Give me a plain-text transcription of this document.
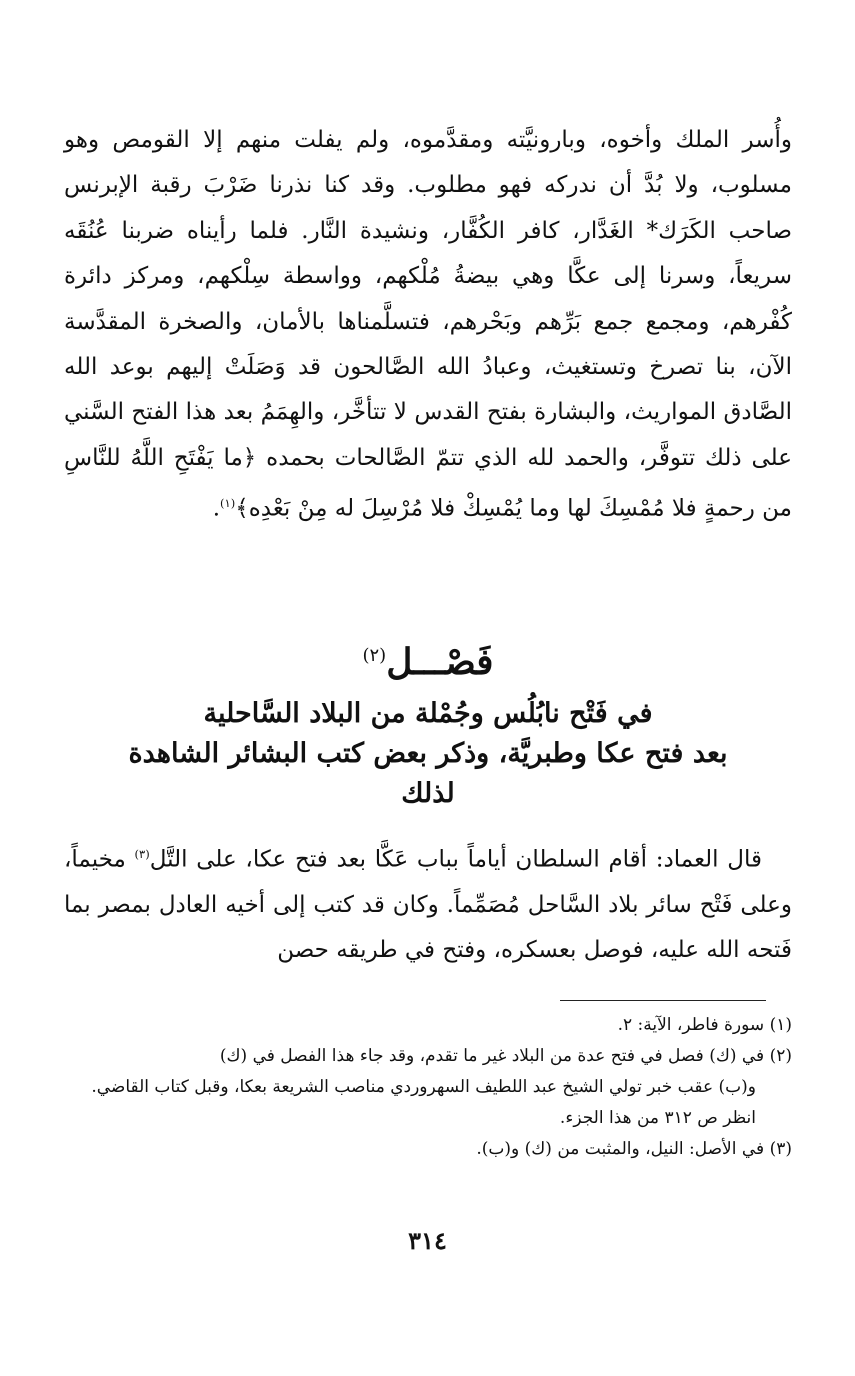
وأُسر الملك وأخوه، وبارونيَّته ومقدَّموه، ولم يفلت منهم إلا القومص وهو مسلوب، ولا بُدَّ أن ندركه فهو مطلوب. وقد كنا نذرنا ضَرْبَ رقبة الإبرنس صاحب الكَرَك* الغَدَّار، كافر الكُفَّار، ونشيدة النَّار. فلما رأيناه ضربنا عُنُقَه سريعاً، وسرنا إلى عكَّا وهي بيضةُ مُلْكهم، وواسطة سِلْكهم، ومركز دائرة كُفْرهم، ومجمع جمع بَرِّهم وبَحْرهم، فتسلَّمناها بالأمان، والصخرة المقدَّسة الآن، بنا تصرخ وتستغيث، وعبادُ الله الصَّالحون قد وَصَلَتْ إليهم بوعد الله الصَّادق المواريث، والبشارة بفتح القدس لا تتأخَّر، والهِمَمُ بعد هذا الفتح السَّني على ذلك تتوفَّر، والحمد لله الذي تتمّ الصَّالحات بحمده ﴿ما يَفْتَحِ اللَّهُ للنَّاسِ من رحمةٍ فلا مُمْسِكَ لها وما يُمْسِكْ فلا مُرْسِلَ له مِنْ بَعْدِه﴾$^{(١)}$.

فَصْـــل$^{(٢)}$
في فَتْح نابُلُس وجُمْلة من البلاد السَّاحلية
بعد فتح عكا وطبريَّة، وذكر بعض كتب البشائر الشاهدة
لذلك

قال العماد: أقام السلطان أياماً بباب عَكَّا بعد فتح عكا، على التَّل$^{(٣)}$ مخيماً، وعلى فَتْح سائر بلاد السَّاحل مُصَمِّماً. وكان قد كتب إلى أخيه العادل بمصر بما فَتحه الله عليه، فوصل بعسكره، وفتح في طريقه حصن

(١) سورة فاطر، الآية: ٢.

(٢) في (ك) فصل في فتح عدة من البلاد غير ما تقدم، وقد جاء هذا الفصل في (ك)
و(ب) عقب خبر تولي الشيخ عبد اللطيف السهروردي مناصب الشريعة بعكا، وقبل كتاب القاضي. انظر ص ٣١٢ من هذا الجزء.

(٣) في الأصل: النيل، والمثبت من (ك) و(ب).

٣١٤
